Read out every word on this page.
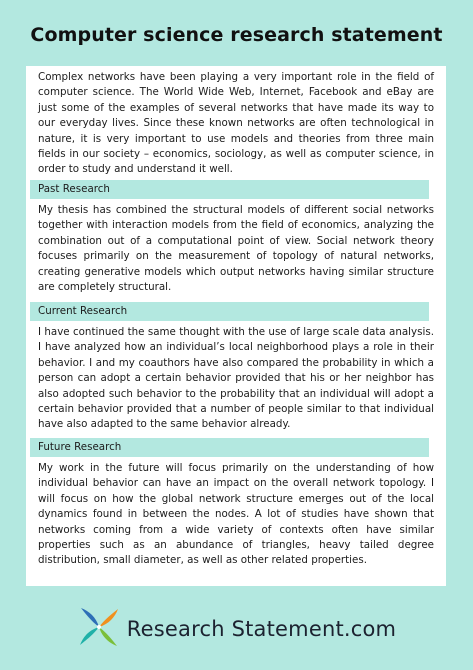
Computer science research statement

Complex networks have been playing a very important role in the field of computer science. The World Wide Web, Internet, Facebook and eBay are just some of the examples of several networks that have made its way to our everyday lives. Since these known networks are often technological in nature, it is very important to use models and theories from three main fields in our society – economics, sociology, as well as computer science, in order to study and understand it well.

Past Research

My thesis has combined the structural models of different social networks together with interaction models from the field of economics, analyzing the combination out of a computational point of view. Social network theory focuses primarily on the measurement of topology of natural networks, creating generative models which output networks having similar structure are completely structural.

Current Research

I have continued the same thought with the use of large scale data analysis. I have analyzed how an individual’s local neighborhood plays a role in their behavior. I and my coauthors have also compared the probability in which a person can adopt a certain behavior provided that his or her neighbor has also adopted such behavior to the probability that an individual will adopt a certain behavior provided that a number of people similar to that individual have also adapted to the same behavior already.

Future Research

My work in the future will focus primarily on the understanding of how individual behavior can have an impact on the overall network topology. I will focus on how the global network structure emerges out of the local dynamics found in between the nodes. A lot of studies have shown that networks coming from a wide variety of contexts often have similar properties such as an abundance of triangles, heavy tailed degree distribution, small diameter, as well as other related properties.

Research Statement.com
